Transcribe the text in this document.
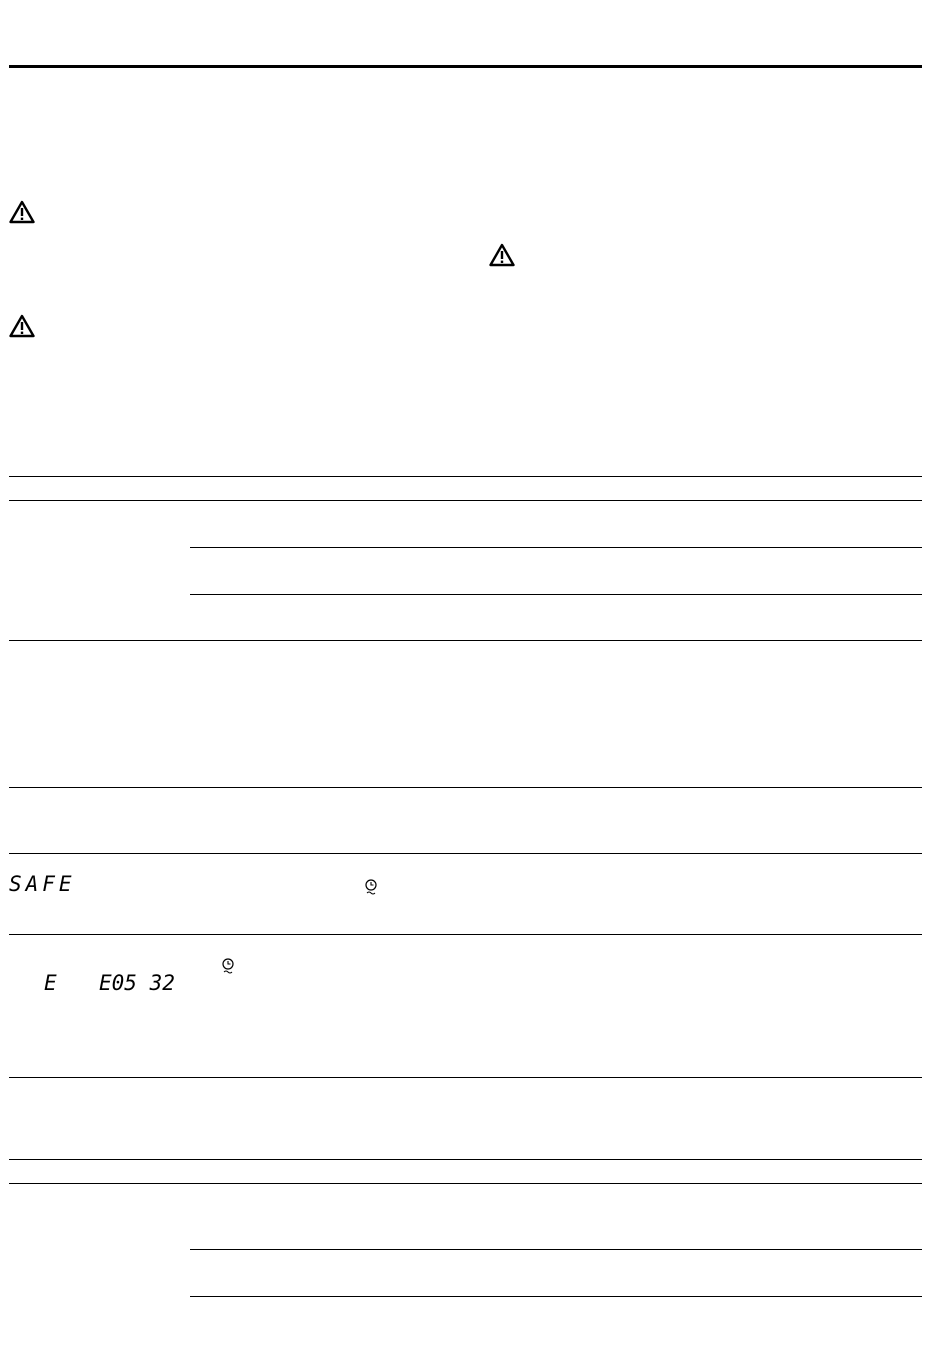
SAFE
E E05 32
